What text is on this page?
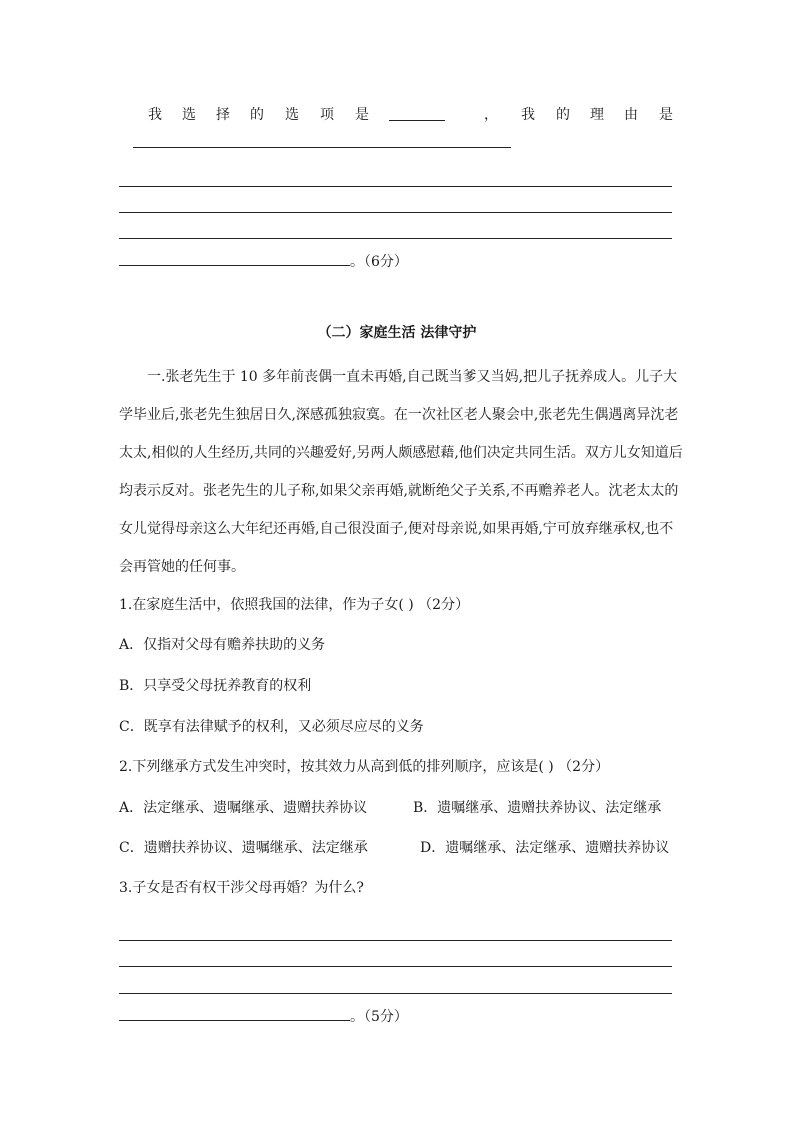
我 选 择 的 选 项 是	， 我 的 理 由 是
。（6分）
（二）家庭生活 法律守护
一.张老先生于 10 多年前丧偶一直未再婚,自己既当爹又当妈,把儿子抚养成人。儿子大
学毕业后,张老先生独居日久,深感孤独寂寞。在一次社区老人聚会中,张老先生偶遇离异沈老
太太,相似的人生经历,共同的兴趣爱好,另两人颇感慰藉,他们决定共同生活。双方儿女知道后
均表示反对。张老先生的儿子称,如果父亲再婚,就断绝父子关系,不再赡养老人。沈老太太的
女儿觉得母亲这么大年纪还再婚,自己很没面子,便对母亲说,如果再婚,宁可放弃继承权,也不
会再管她的任何事。
1.在家庭生活中，依照我国的法律，作为子女( ) （2分）
A．仅指对父母有赡养扶助的义务
B．只享受父母抚养教育的权利
C．既享有法律赋予的权利，又必须尽应尽的义务
2.下列继承方式发生冲突时，按其效力从高到低的排列顺序，应该是( ) （2分）
A．法定继承、遗嘱继承、遗赠扶养协议	B．遗嘱继承、遗赠扶养协议、法定继承
C．遗赠扶养协议、遗嘱继承、法定继承	D．遗嘱继承、法定继承、遗赠扶养协议
3.子女是否有权干涉父母再婚？为什么?
。（5分）
